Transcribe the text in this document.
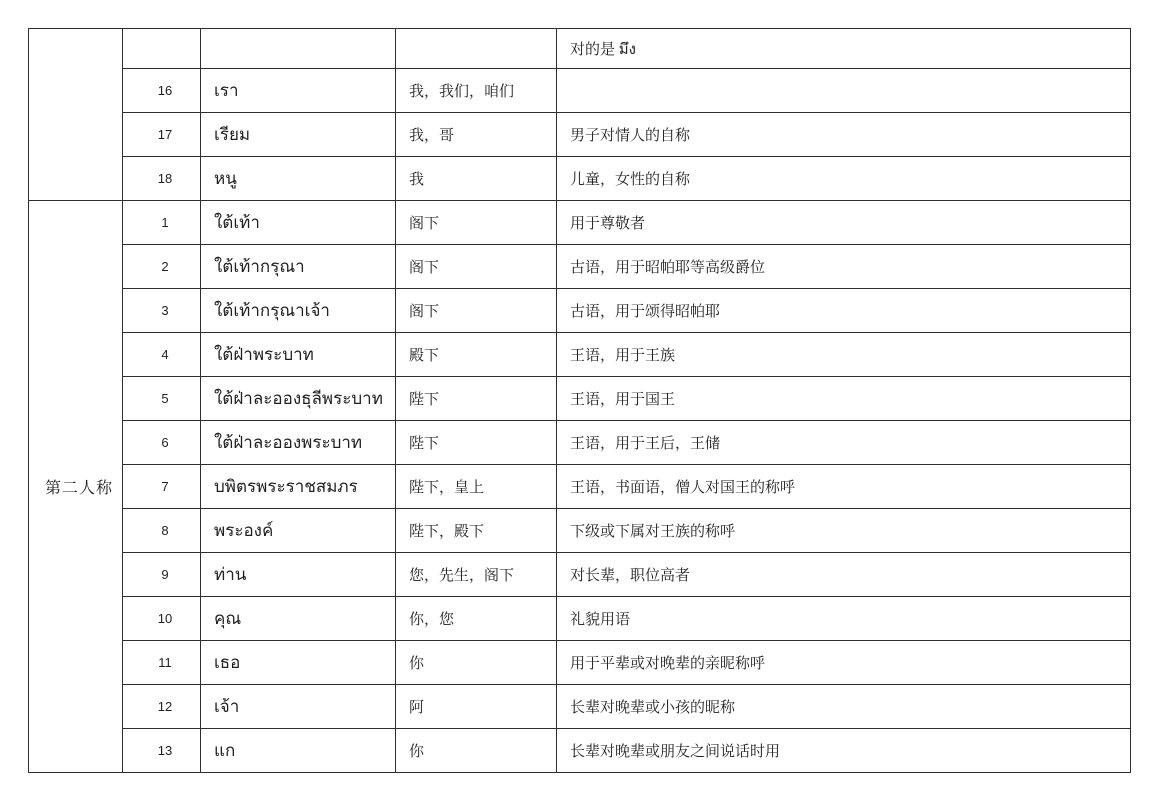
				对的是 มึง
	16	เรา	我，我们，咱们	
	17	เรียม	我，哥	男子对情人的自称
	18	หนู	我	儿童，女性的自称
第二人称	1	ใต้เท้า	阁下	用于尊敬者
	2	ใต้เท้ากรุณา	阁下	古语，用于昭帕耶等高级爵位
	3	ใต้เท้ากรุณาเจ้า	阁下	古语，用于颂得昭帕耶
	4	ใต้ฝ่าพระบาท	殿下	王语，用于王族
	5	ใต้ฝ่าละอองธุลีพระบาท	陛下	王语，用于国王
	6	ใต้ฝ่าละอองพระบาท	陛下	王语，用于王后，王储
	7	บพิตรพระราชสมภร	陛下，皇上	王语，书面语，僧人对国王的称呼
	8	พระองค์	陛下，殿下	下级或下属对王族的称呼
	9	ท่าน	您，先生，阁下	对长辈，职位高者
	10	คุณ	你，您	礼貌用语
	11	เธอ	你	用于平辈或对晚辈的亲昵称呼
	12	เจ้า	阿	长辈对晚辈或小孩的昵称
	13	แก	你	长辈对晚辈或朋友之间说话时用
